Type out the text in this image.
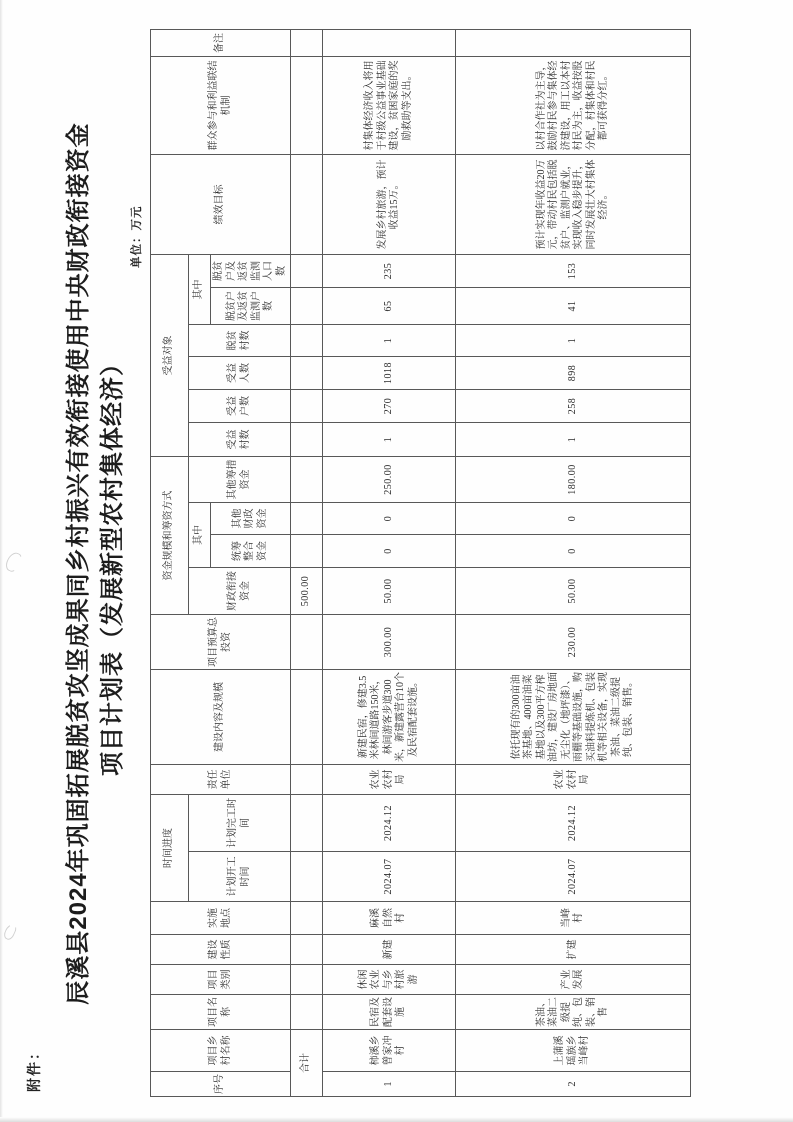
附件：
辰溪县2024年巩固拓展脱贫攻坚成果同乡村振兴有效衔接使用中央财政衔接资金 项目计划表（发展新型农村集体经济）
单位：万元
序号	项目乡村名称	项目名称	项目类别	建设性质	实施地点	时间进度		责任单位	建设内容及规模	项目预算总投资	资金规模和筹资方式				受益对象						绩效目标	群众参与和利益联结机制	备注
						计划开工时间	计划完工时间				财政衔接资金	其中		其他筹措资金	受益村数	受益户数	受益人数	脱贫村数	其中				
												统筹整合资金	其他财政资金						脱贫户及返贫监测户数	脱贫户及返贫监测人口数			
合计											500.00												
1	柿溪乡曾家冲村	民宿及配套设施	休闲农业与乡村旅游	新建	麻溪自然村	2024.07	2024.12	农业农村局	新建民宿，修建3.5米林间道路150米，林间游客步道300米，新建露营台10个及民宿配套设施。	300.00	50.00	0	0	250.00	1	270	1018	1	65	235	发展乡村旅游，预计收益15万。	村集体经济收入将用于村级公益事业基础建设，贫困家庭的奖励救助等支出。	
2	上蒲溪瑶族乡当峰村	茶油、菜油二级提纯、包装、销售	产业发展	扩建	当峰村	2024.07	2024.12	农业农村局	依托现有的300亩油茶基地、400亩油菜基地以及300平方榨油坊，建设厂房地面无尘化（地坪漆）、雨棚等基础设施，购买油料提炼机、包装机等相关设备，实现茶油、菜油二级提纯、包装、销售。	230.00	50.00	0	0	180.00	1	258	898	1	41	153	预计实现年收益20万元，带动村民包括脱贫户、监测户就业，实现收入稳步提升，同时发展壮大村集体经济。	以村合作社为主导，鼓励村民参与集体经济建设，用工以本村村民为主，收益按股分配，村集体和村民都可获得分红。	
